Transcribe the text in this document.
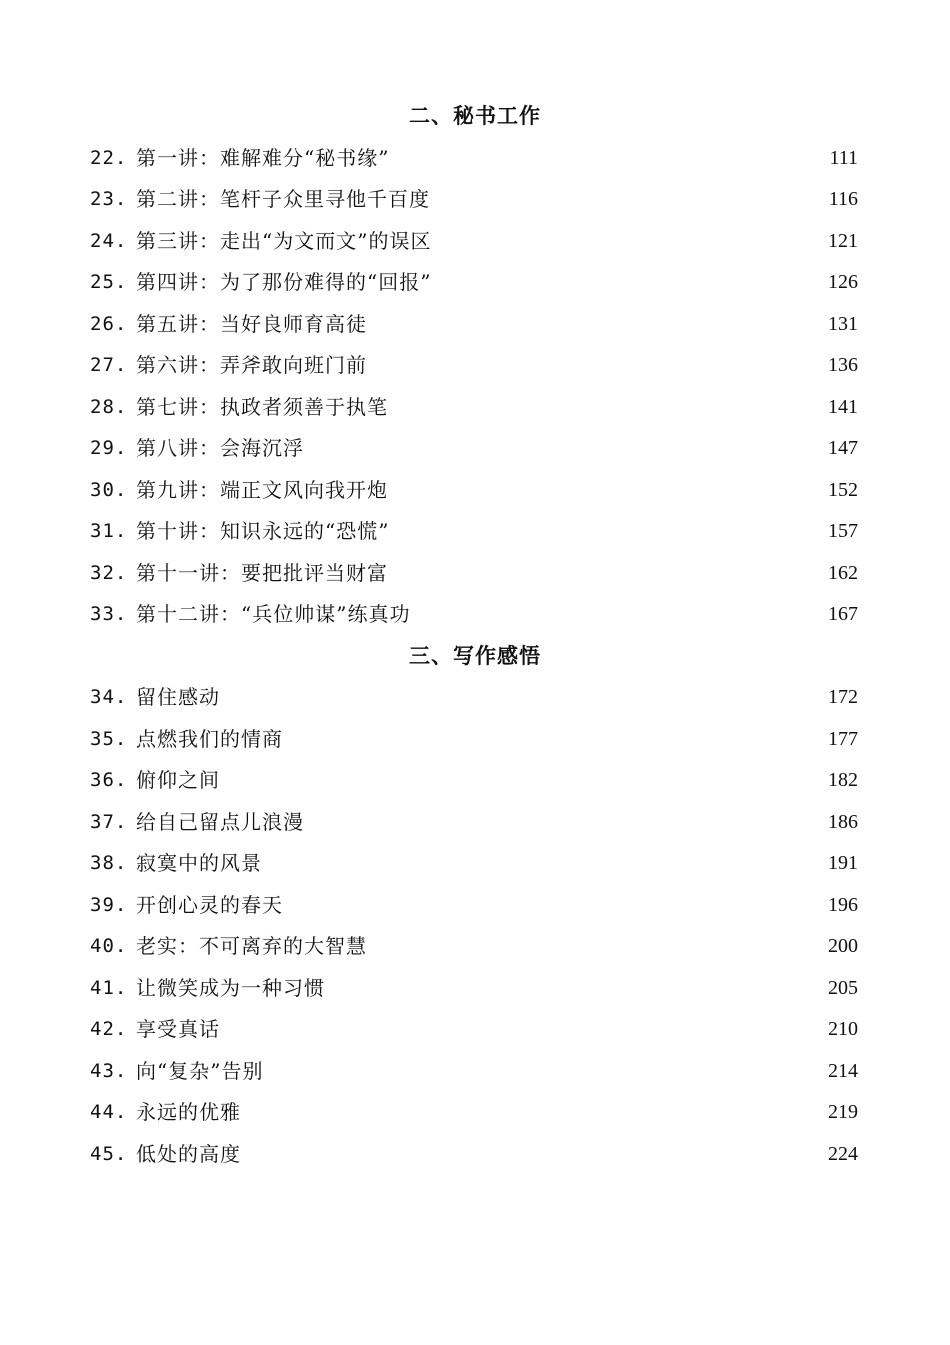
二、秘书工作
22. 第一讲：难解难分“秘书缘”	111
23. 第二讲：笔杆子众里寻他千百度	116
24. 第三讲：走出“为文而文”的误区	121
25. 第四讲：为了那份难得的“回报”	126
26. 第五讲：当好良师育高徒	131
27. 第六讲：弄斧敢向班门前	136
28. 第七讲：执政者须善于执笔	141
29. 第八讲：会海沉浮	147
30. 第九讲：端正文风向我开炮	152
31. 第十讲：知识永远的“恐慌”	157
32. 第十一讲：要把批评当财富	162
33. 第十二讲：“兵位帅谋”练真功	167
三、写作感悟
34. 留住感动	172
35. 点燃我们的情商	177
36. 俯仰之间	182
37. 给自己留点儿浪漫	186
38. 寂寞中的风景	191
39. 开创心灵的春天	196
40. 老实：不可离弃的大智慧	200
41. 让微笑成为一种习惯	205
42. 享受真话	210
43. 向“复杂”告别	214
44. 永远的优雅	219
45. 低处的高度	224
